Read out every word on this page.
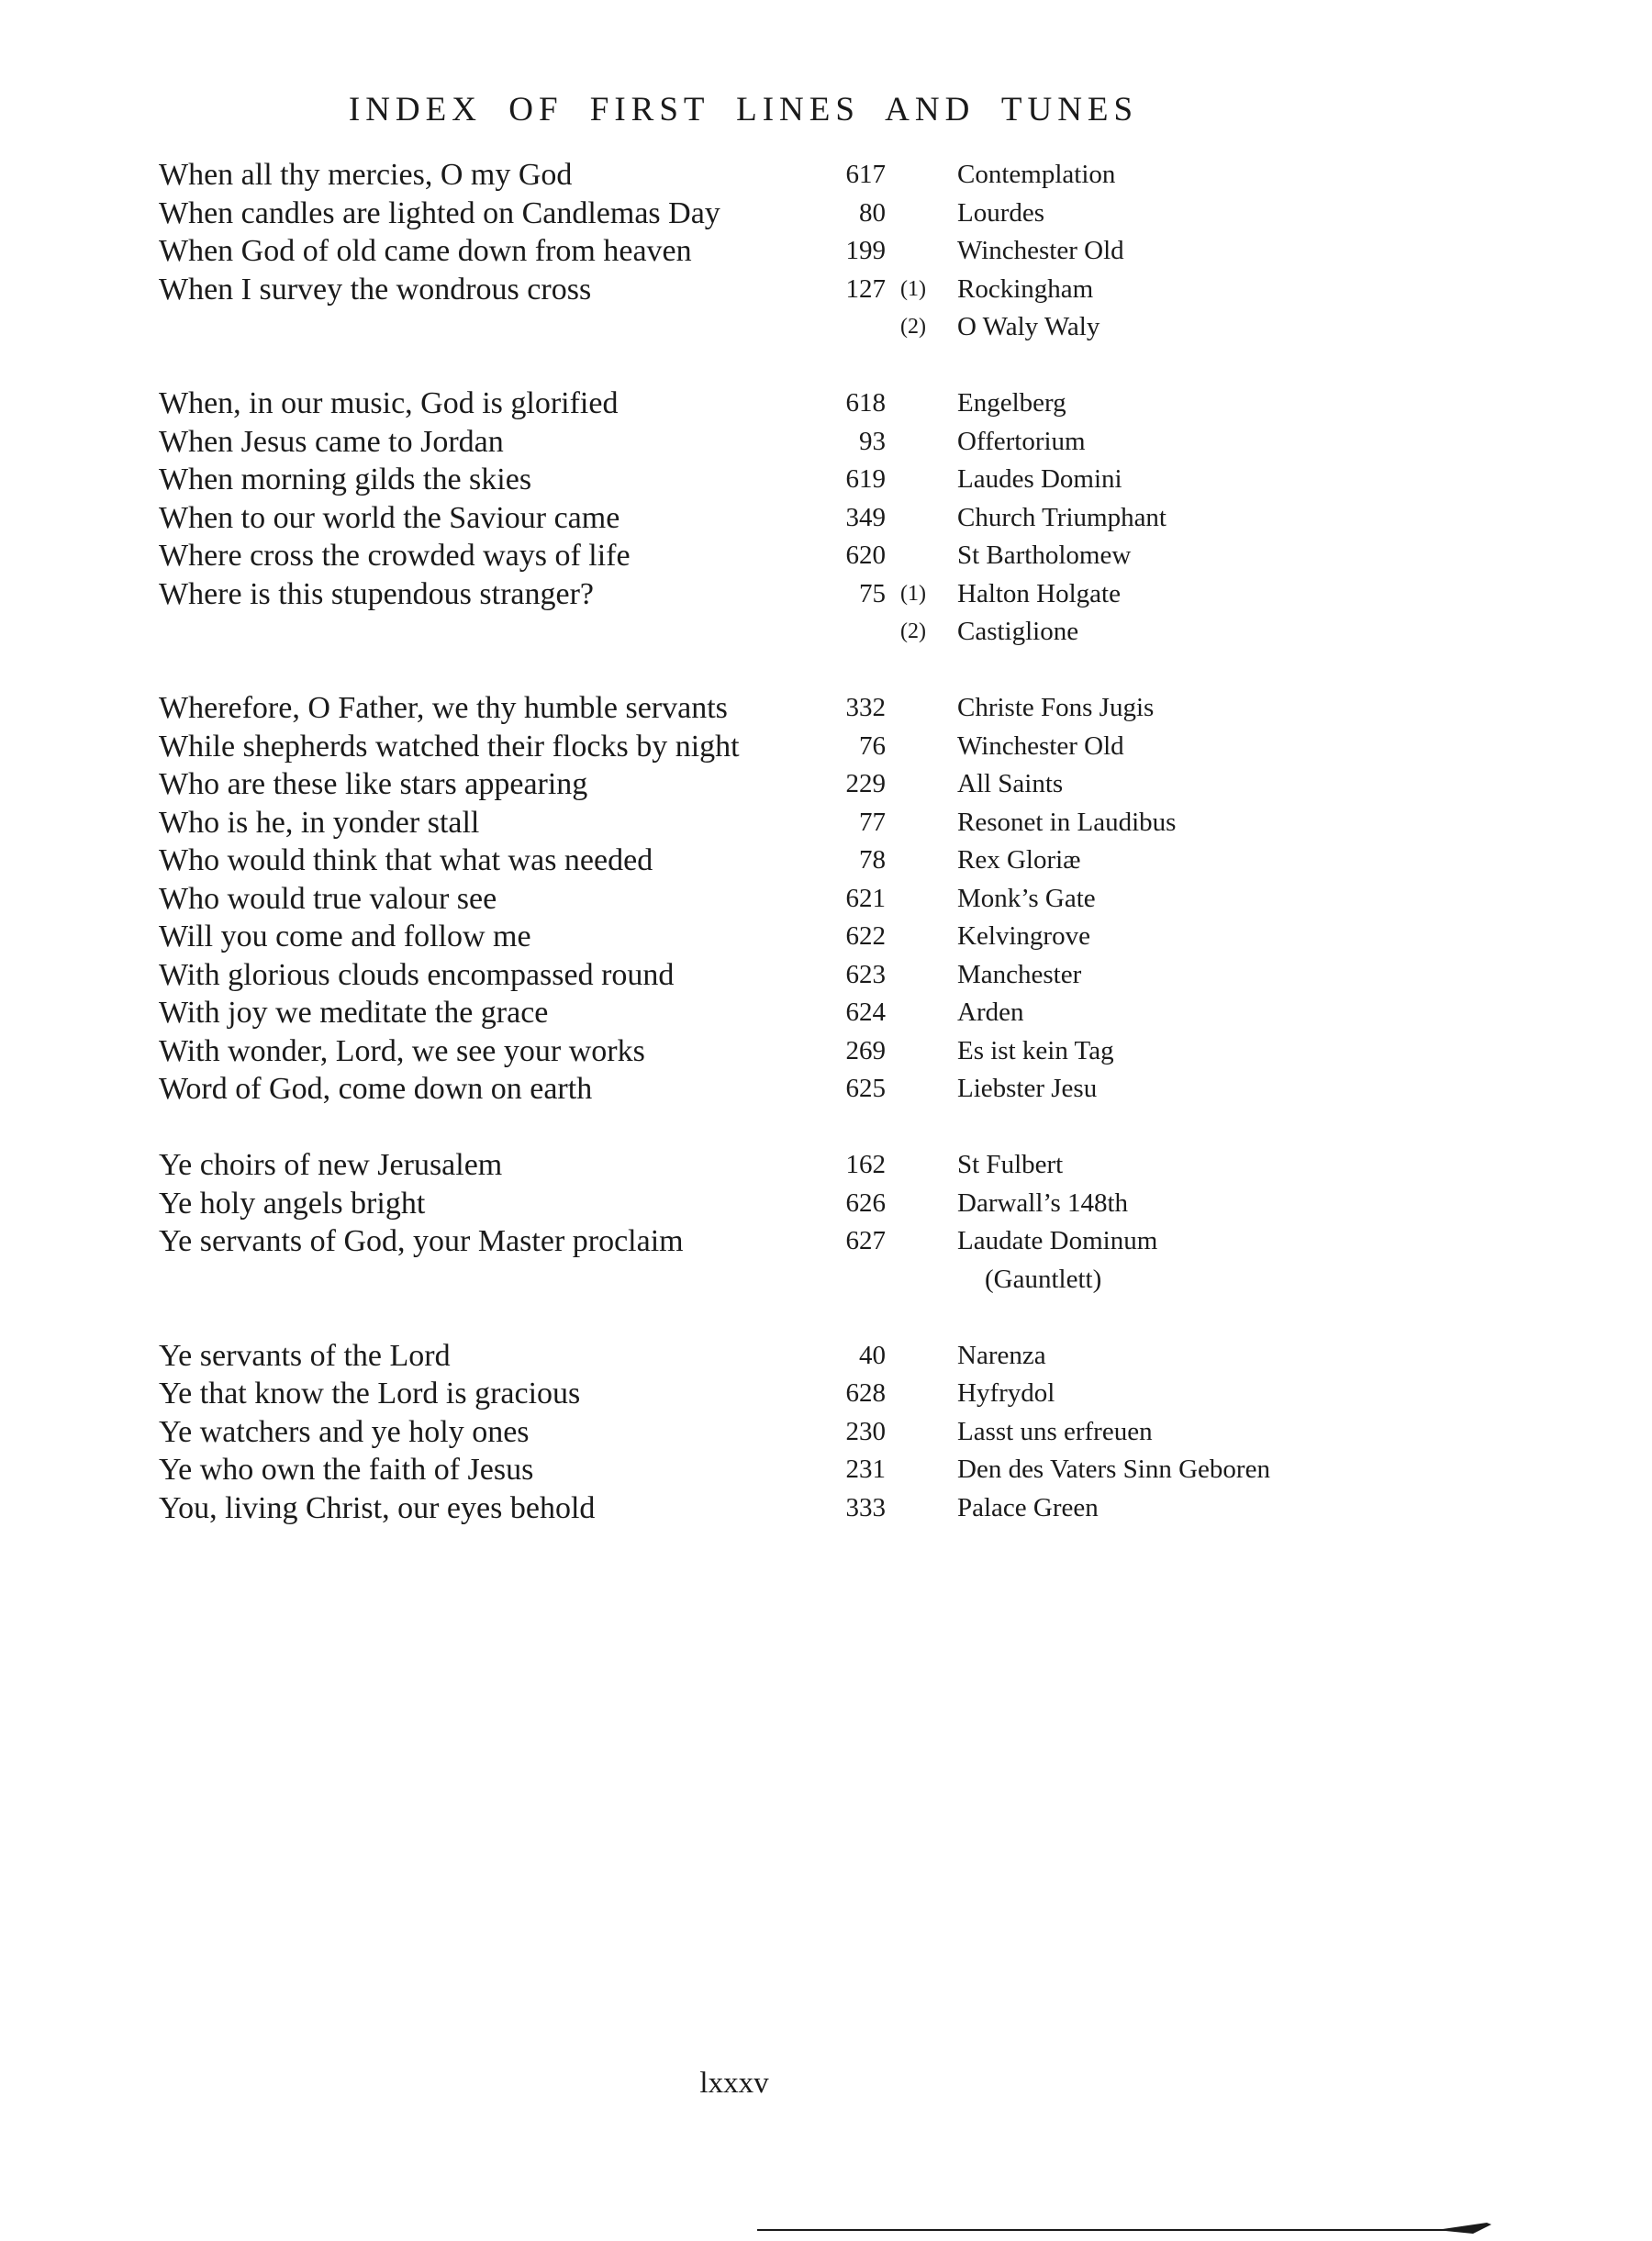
INDEX OF FIRST LINES AND TUNES
When all thy mercies, O my God	617	Contemplation
When candles are lighted on Candlemas Day	80	Lourdes
When God of old came down from heaven	199	Winchester Old
When I survey the wondrous cross	127 (1) Rockingham
(2) O Waly Waly
When, in our music, God is glorified	618	Engelberg
When Jesus came to Jordan	93	Offertorium
When morning gilds the skies	619	Laudes Domini
When to our world the Saviour came	349	Church Triumphant
Where cross the crowded ways of life	620	St Bartholomew
Where is this stupendous stranger?	75 (1) Halton Holgate
(2) Castiglione
Wherefore, O Father, we thy humble servants	332	Christe Fons Jugis
While shepherds watched their flocks by night	76	Winchester Old
Who are these like stars appearing	229	All Saints
Who is he, in yonder stall	77	Resonet in Laudibus
Who would think that what was needed	78	Rex Gloriæ
Who would true valour see	621	Monk’s Gate
Will you come and follow me	622	Kelvingrove
With glorious clouds encompassed round	623	Manchester
With joy we meditate the grace	624	Arden
With wonder, Lord, we see your works	269	Es ist kein Tag
Word of God, come down on earth	625	Liebster Jesu
Ye choirs of new Jerusalem	162	St Fulbert
Ye holy angels bright	626	Darwall’s 148th
Ye servants of God, your Master proclaim	627	Laudate Dominum
(Gauntlett)
Ye servants of the Lord	40	Narenza
Ye that know the Lord is gracious	628	Hyfrydol
Ye watchers and ye holy ones	230	Lasst uns erfreuen
Ye who own the faith of Jesus	231	Den des Vaters Sinn Geboren
You, living Christ, our eyes behold	333	Palace Green
lxxxv
